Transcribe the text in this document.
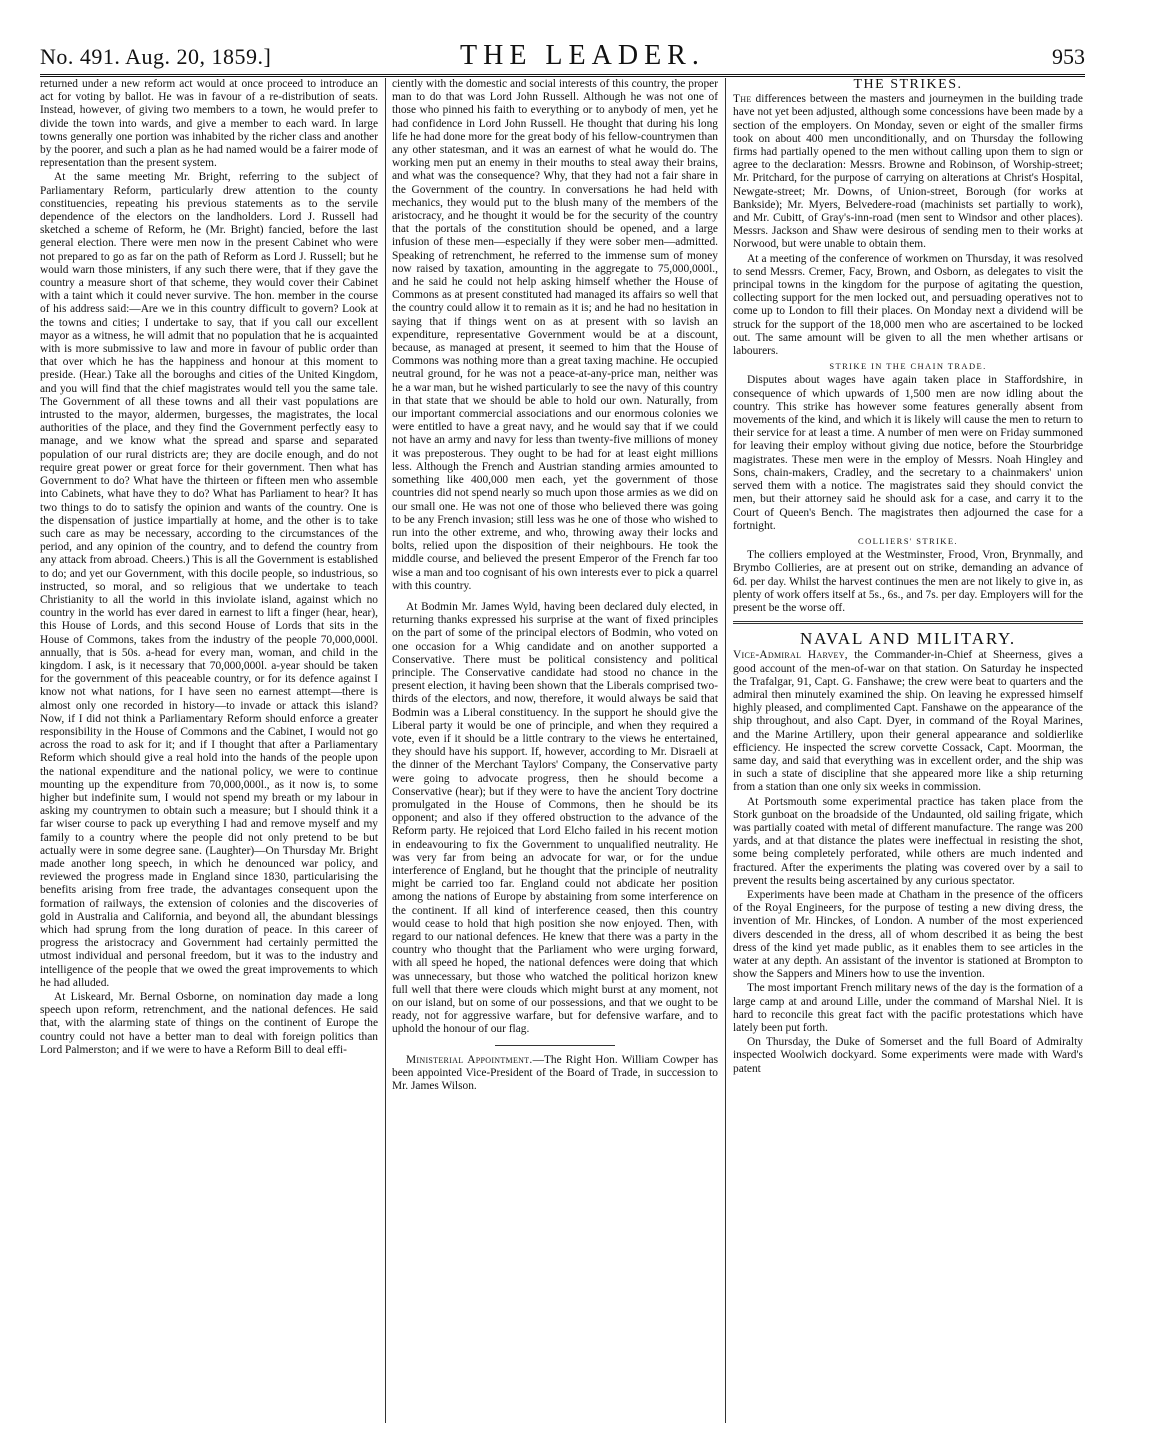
No. 491. Aug. 20, 1859.]	THE LEADER.	953

returned under a new reform act would at once proceed to introduce an act for voting by ballot. He was in favour of a re-distribution of seats. Instead, however, of giving two members to a town, he would prefer to divide the town into wards, and give a member to each ward. In large towns generally one portion was inhabited by the richer class and another by the poorer, and such a plan as he had named would be a fairer mode of representation than the present system.

At the same meeting Mr. Bright, referring to the subject of Parliamentary Reform, particularly drew attention to the county constituencies, repeating his previous statements as to the servile dependence of the electors on the landholders. Lord J. Russell had sketched a scheme of Reform, he (Mr. Bright) fancied, before the last general election. There were men now in the present Cabinet who were not prepared to go as far on the path of Reform as Lord J. Russell; but he would warn those ministers, if any such there were, that if they gave the country a measure short of that scheme, they would cover their Cabinet with a taint which it could never survive. The hon. member in the course of his address said:—Are we in this country difficult to govern? Look at the towns and cities; I undertake to say, that if you call our excellent mayor as a witness, he will admit that no population that he is acquainted with is more submissive to law and more in favour of public order than that over which he has the happiness and honour at this moment to preside. (Hear.) Take all the boroughs and cities of the United Kingdom, and you will find that the chief magistrates would tell you the same tale. The Government of all these towns and all their vast populations are intrusted to the mayor, aldermen, burgesses, the magistrates, the local authorities of the place, and they find the Government perfectly easy to manage, and we know what the spread and sparse and separated population of our rural districts are; they are docile enough, and do not require great power or great force for their government. Then what has Government to do? What have the thirteen or fifteen men who assemble into Cabinets, what have they to do? What has Parliament to hear? It has two things to do to satisfy the opinion and wants of the country. One is the dispensation of justice impartially at home, and the other is to take such care as may be necessary, according to the circumstances of the period, and any opinion of the country, and to defend the country from any attack from abroad. Cheers.) This is all the Government is established to do; and yet our Government, with this docile people, so industrious, so instructed, so moral, and so religious that we undertake to teach Christianity to all the world in this inviolate island, against which no country in the world has ever dared in earnest to lift a finger (hear, hear), this House of Lords, and this second House of Lords that sits in the House of Commons, takes from the industry of the people 70,000,000l. annually, that is 50s. a-head for every man, woman, and child in the kingdom. I ask, is it necessary that 70,000,000l. a-year should be taken for the government of this peaceable country, or for its defence against I know not what nations, for I have seen no earnest attempt—there is almost only one recorded in history—to invade or attack this island? Now, if I did not think a Parliamentary Reform should enforce a greater responsibility in the House of Commons and the Cabinet, I would not go across the road to ask for it; and if I thought that after a Parliamentary Reform which should give a real hold into the hands of the people upon the national expenditure and the national policy, we were to continue mounting up the expenditure from 70,000,000l., as it now is, to some higher but indefinite sum, I would not spend my breath or my labour in asking my countrymen to obtain such a measure; but I should think it a far wiser course to pack up everything I had and remove myself and my family to a country where the people did not only pretend to be but actually were in some degree sane. (Laughter)—On Thursday Mr. Bright made another long speech, in which he denounced war policy, and reviewed the progress made in England since 1830, particularising the benefits arising from free trade, the advantages consequent upon the formation of railways, the extension of colonies and the discoveries of gold in Australia and California, and beyond all, the abundant blessings which had sprung from the long duration of peace. In this career of progress the aristocracy and Government had certainly permitted the utmost individual and personal freedom, but it was to the industry and intelligence of the people that we owed the great improvements to which he had alluded.

At Liskeard, Mr. Bernal Osborne, on nomination day made a long speech upon reform, retrenchment, and the national defences. He said that, with the alarming state of things on the continent of Europe the country could not have a better man to deal with foreign politics than Lord Palmerston; and if we were to have a Reform Bill to deal effi-

ciently with the domestic and social interests of this country, the proper man to do that was Lord John Russell. Although he was not one of those who pinned his faith to everything or to anybody of men, yet he had confidence in Lord John Russell. He thought that during his long life he had done more for the great body of his fellow-countrymen than any other statesman, and it was an earnest of what he would do. The working men put an enemy in their mouths to steal away their brains, and what was the consequence? Why, that they had not a fair share in the Government of the country. In conversations he had held with mechanics, they would put to the blush many of the members of the aristocracy, and he thought it would be for the security of the country that the portals of the constitution should be opened, and a large infusion of these men—especially if they were sober men—admitted. Speaking of retrenchment, he referred to the immense sum of money now raised by taxation, amounting in the aggregate to 75,000,000l., and he said he could not help asking himself whether the House of Commons as at present constituted had managed its affairs so well that the country could allow it to remain as it is; and he had no hesitation in saying that if things went on as at present with so lavish an expenditure, representative Government would be at a discount, because, as managed at present, it seemed to him that the House of Commons was nothing more than a great taxing machine. He occupied neutral ground, for he was not a peace-at-any-price man, neither was he a war man, but he wished particularly to see the navy of this country in that state that we should be able to hold our own. Naturally, from our important commercial associations and our enormous colonies we were entitled to have a great navy, and he would say that if we could not have an army and navy for less than twenty-five millions of money it was preposterous. They ought to be had for at least eight millions less. Although the French and Austrian standing armies amounted to something like 400,000 men each, yet the government of those countries did not spend nearly so much upon those armies as we did on our small one. He was not one of those who believed there was going to be any French invasion; still less was he one of those who wished to run into the other extreme, and who, throwing away their locks and bolts, relied upon the disposition of their neighbours. He took the middle course, and believed the present Emperor of the French far too wise a man and too cognisant of his own interests ever to pick a quarrel with this country.

At Bodmin Mr. James Wyld, having been declared duly elected, in returning thanks expressed his surprise at the want of fixed principles on the part of some of the principal electors of Bodmin, who voted on one occasion for a Whig candidate and on another supported a Conservative. There must be political consistency and political principle. The Conservative candidate had stood no chance in the present election, it having been shown that the Liberals comprised two-thirds of the electors, and now, therefore, it would always be said that Bodmin was a Liberal constituency. In the support he should give the Liberal party it would be one of principle, and when they required a vote, even if it should be a little contrary to the views he entertained, they should have his support. If, however, according to Mr. Disraeli at the dinner of the Merchant Taylors' Company, the Conservative party were going to advocate progress, then he should become a Conservative (hear); but if they were to have the ancient Tory doctrine promulgated in the House of Commons, then he should be its opponent; and also if they offered obstruction to the advance of the Reform party. He rejoiced that Lord Elcho failed in his recent motion in endeavouring to fix the Government to unqualified neutrality. He was very far from being an advocate for war, or for the undue interference of England, but he thought that the principle of neutrality might be carried too far. England could not abdicate her position among the nations of Europe by abstaining from some interference on the continent. If all kind of interference ceased, then this country would cease to hold that high position she now enjoyed. Then, with regard to our national defences. He knew that there was a party in the country who thought that the Parliament who were urging forward, with all speed he hoped, the national defences were doing that which was unnecessary, but those who watched the political horizon knew full well that there were clouds which might burst at any moment, not on our island, but on some of our possessions, and that we ought to be ready, not for aggressive warfare, but for defensive warfare, and to uphold the honour of our flag.

Ministerial Appointment.—The Right Hon. William Cowper has been appointed Vice-President of the Board of Trade, in succession to Mr. James Wilson.

THE STRIKES.

The differences between the masters and journeymen in the building trade have not yet been adjusted, although some concessions have been made by a section of the employers. On Monday, seven or eight of the smaller firms took on about 400 men unconditionally, and on Thursday the following firms had partially opened to the men without calling upon them to sign or agree to the declaration: Messrs. Browne and Robinson, of Worship-street; Mr. Pritchard, for the purpose of carrying on alterations at Christ's Hospital, Newgate-street; Mr. Downs, of Union-street, Borough (for works at Bankside); Mr. Myers, Belvedere-road (machinists set partially to work), and Mr. Cubitt, of Gray's-inn-road (men sent to Windsor and other places). Messrs. Jackson and Shaw were desirous of sending men to their works at Norwood, but were unable to obtain them.

At a meeting of the conference of workmen on Thursday, it was resolved to send Messrs. Cremer, Facy, Brown, and Osborn, as delegates to visit the principal towns in the kingdom for the purpose of agitating the question, collecting support for the men locked out, and persuading operatives not to come up to London to fill their places. On Monday next a dividend will be struck for the support of the 18,000 men who are ascertained to be locked out. The same amount will be given to all the men whether artisans or labourers.

STRIKE IN THE CHAIN TRADE.

Disputes about wages have again taken place in Staffordshire, in consequence of which upwards of 1,500 men are now idling about the country. This strike has however some features generally absent from movements of the kind, and which it is likely will cause the men to return to their service for at least a time. A number of men were on Friday summoned for leaving their employ without giving due notice, before the Stourbridge magistrates. These men were in the employ of Messrs. Noah Hingley and Sons, chain-makers, Cradley, and the secretary to a chainmakers' union served them with a notice. The magistrates said they should convict the men, but their attorney said he should ask for a case, and carry it to the Court of Queen's Bench. The magistrates then adjourned the case for a fortnight.

COLLIERS' STRIKE.

The colliers employed at the Westminster, Frood, Vron, Brynmally, and Brymbo Collieries, are at present out on strike, demanding an advance of 6d. per day. Whilst the harvest continues the men are not likely to give in, as plenty of work offers itself at 5s., 6s., and 7s. per day. Employers will for the present be the worse off.

NAVAL AND MILITARY.

Vice-Admiral Harvey, the Commander-in-Chief at Sheerness, gives a good account of the men-of-war on that station. On Saturday he inspected the Trafalgar, 91, Capt. G. Fanshawe; the crew were beat to quarters and the admiral then minutely examined the ship. On leaving he expressed himself highly pleased, and complimented Capt. Fanshawe on the appearance of the ship throughout, and also Capt. Dyer, in command of the Royal Marines, and the Marine Artillery, upon their general appearance and soldierlike efficiency. He inspected the screw corvette Cossack, Capt. Moorman, the same day, and said that everything was in excellent order, and the ship was in such a state of discipline that she appeared more like a ship returning from a station than one only six weeks in commission.

At Portsmouth some experimental practice has taken place from the Stork gunboat on the broadside of the Undaunted, old sailing frigate, which was partially coated with metal of different manufacture. The range was 200 yards, and at that distance the plates were ineffectual in resisting the shot, some being completely perforated, while others are much indented and fractured. After the experiments the plating was covered over by a sail to prevent the results being ascertained by any curious spectator.

Experiments have been made at Chatham in the presence of the officers of the Royal Engineers, for the purpose of testing a new diving dress, the invention of Mr. Hinckes, of London. A number of the most experienced divers descended in the dress, all of whom described it as being the best dress of the kind yet made public, as it enables them to see articles in the water at any depth. An assistant of the inventor is stationed at Brompton to show the Sappers and Miners how to use the invention.

The most important French military news of the day is the formation of a large camp at and around Lille, under the command of Marshal Niel. It is hard to reconcile this great fact with the pacific protestations which have lately been put forth.

On Thursday, the Duke of Somerset and the full Board of Admiralty inspected Woolwich dockyard. Some experiments were made with Ward's patent
